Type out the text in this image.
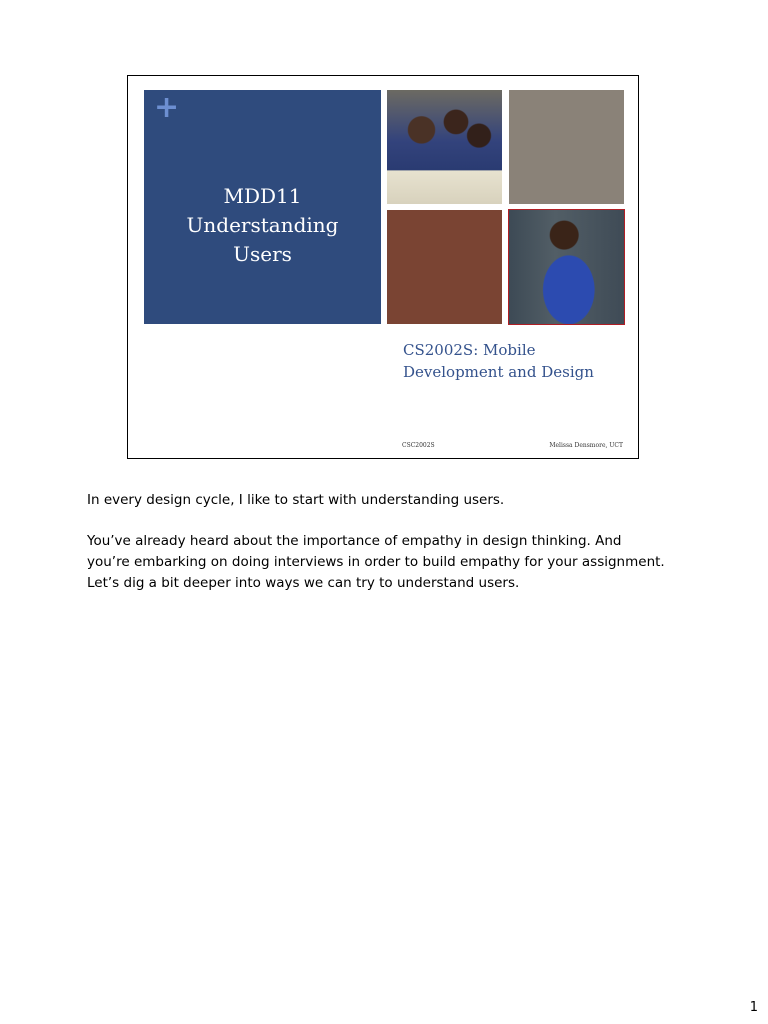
+
MDD11
Understanding
Users
CS2002S: Mobile
Development and Design
CSC2002S	Melissa Densmore, UCT

In every design cycle, I like to start with understanding users.

You’ve already heard about the importance of empathy in design thinking. And
you’re embarking on doing interviews in order to build empathy for your assignment.
Let’s dig a bit deeper into ways we can try to understand users.

1
